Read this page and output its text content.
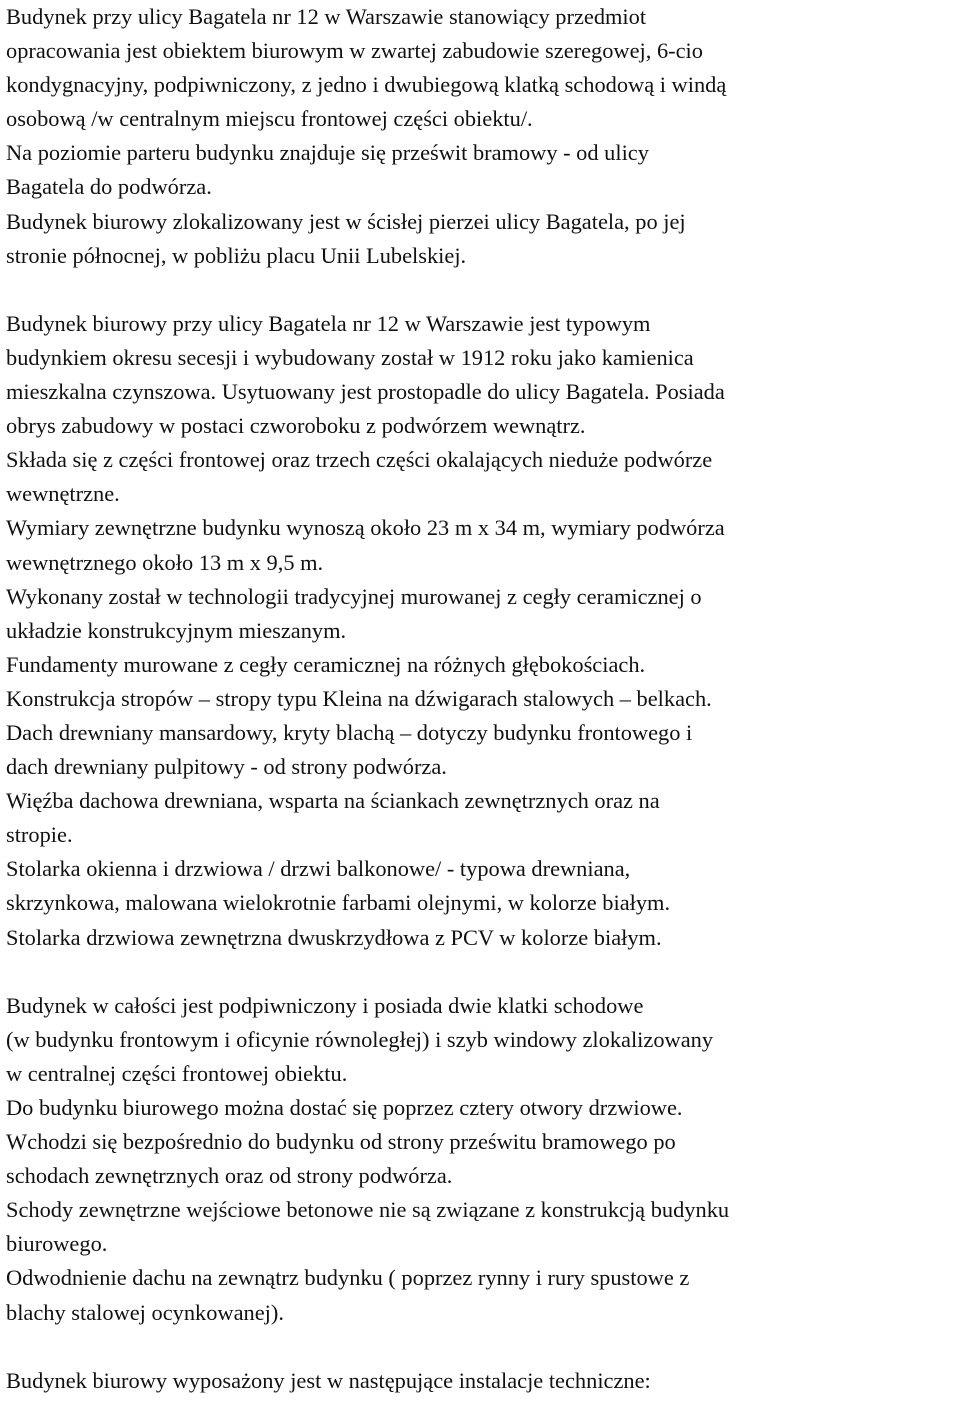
Budynek przy ulicy Bagatela nr 12 w Warszawie stanowiący przedmiot
opracowania jest obiektem biurowym w zwartej zabudowie szeregowej, 6-cio
kondygnacyjny, podpiwniczony, z jedno i dwubiegową klatką schodową i windą
osobową /w centralnym miejscu frontowej części obiektu/.
Na poziomie parteru budynku znajduje się prześwit bramowy - od ulicy
Bagatela do podwórza.
Budynek biurowy zlokalizowany jest w ścisłej pierzei ulicy Bagatela, po jej
stronie północnej, w pobliżu placu Unii Lubelskiej.
Budynek biurowy przy ulicy Bagatela nr 12 w Warszawie jest typowym
budynkiem okresu secesji i wybudowany został w 1912 roku jako kamienica
mieszkalna czynszowa. Usytuowany jest prostopadle do ulicy Bagatela. Posiada
obrys zabudowy w postaci czworoboku z podwórzem wewnątrz.
Składa się z części frontowej oraz trzech części okalających nieduże podwórze
wewnętrzne.
Wymiary zewnętrzne budynku wynoszą około 23 m x 34 m, wymiary podwórza
wewnętrznego około 13 m x 9,5 m.
Wykonany został w technologii tradycyjnej murowanej z cegły ceramicznej o
układzie konstrukcyjnym mieszanym.
Fundamenty murowane z cegły ceramicznej na różnych głębokościach.
Konstrukcja stropów – stropy typu Kleina na dźwigarach stalowych – belkach.
Dach drewniany mansardowy, kryty blachą – dotyczy budynku frontowego i
dach drewniany pulpitowy - od strony podwórza.
Więźba dachowa drewniana, wsparta na ściankach zewnętrznych oraz na
stropie.
Stolarka okienna i drzwiowa / drzwi balkonowe/ - typowa drewniana,
skrzynkowa, malowana wielokrotnie farbami olejnymi, w kolorze białym.
Stolarka drzwiowa zewnętrzna dwuskrzydłowa z PCV w kolorze białym.
Budynek w całości jest podpiwniczony i posiada dwie klatki schodowe
(w budynku frontowym i oficynie równoległej) i szyb windowy zlokalizowany
w centralnej części frontowej obiektu.
Do budynku biurowego można dostać się poprzez cztery otwory drzwiowe.
Wchodzi się bezpośrednio do budynku od strony prześwitu bramowego po
schodach zewnętrznych oraz od strony podwórza.
Schody zewnętrzne wejściowe betonowe nie są związane z konstrukcją budynku
biurowego.
Odwodnienie dachu na zewnątrz budynku ( poprzez rynny i rury spustowe z
blachy stalowej ocynkowanej).
Budynek biurowy wyposażony jest w następujące instalacje techniczne:
